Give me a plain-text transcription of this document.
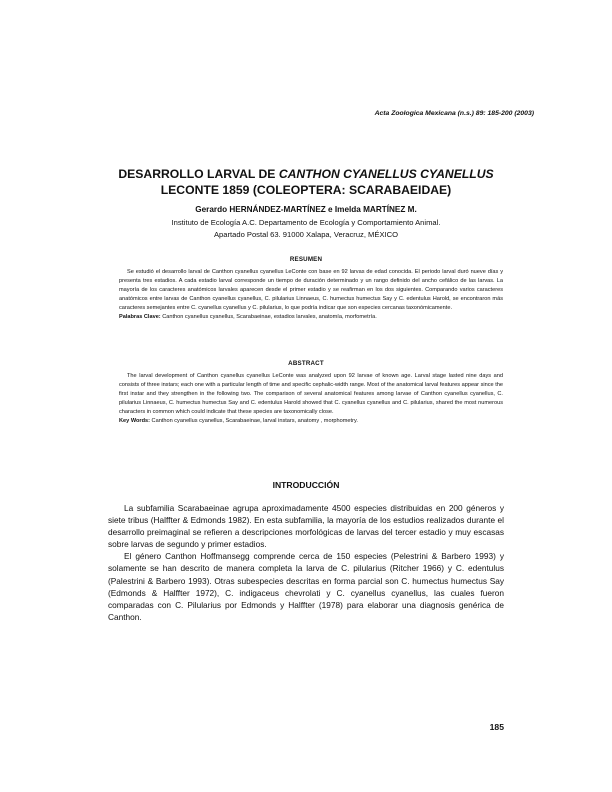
Acta Zoologica Mexicana (n.s.) 89: 185-200 (2003)
DESARROLLO LARVAL DE CANTHON CYANELLUS CYANELLUS
LECONTE 1859 (COLEOPTERA: SCARABAEIDAE)
Gerardo HERNÁNDEZ-MARTÍNEZ e Imelda MARTÍNEZ M.
Instituto de Ecología A.C. Departamento de Ecología y Comportamiento Animal.
Apartado Postal 63. 91000 Xalapa, Veracruz, MÉXICO
RESUMEN

Se estudió el desarrollo larval de Canthon cyanellus cyanellus LeConte con base en 92 larvas de edad conocida. El periodo larval duró nueve días y presenta tres estadios. A cada estadio larval corresponde un tiempo de duración determinado y un rango definido del ancho cefálico de las larvas. La mayoría de los caracteres anatómicos larvales aparecen desde el primer estadio y se reafirman en los dos siguientes. Comparando varios caracteres anatómicos entre larvas de Canthon cyanellus cyanellus, C. pilularius Linnaeus, C. humectus humectus Say y C. edentulus Harold, se encontraron más caracteres semejantes entre C. cyanellus cyanellus y C. pilularius, lo que podría indicar que son especies cercanas taxonómicamente.

Palabras Clave: Canthon cyanellus cyanellus, Scarabaeinae, estadios larvales, anatomía, morfometría.

ABSTRACT

The larval development of Canthon cyanellus cyanellus LeConte was analyzed upon 92 larvae of known age. Larval stage lasted nine days and consists of three instars; each one with a particular length of time and specific cephalic-width range. Most of the anatomical larval features appear since the first instar and they strengthen in the following two. The comparison of several anatomical features among larvae of Canthon cyanellus cyanellus, C. pilularius Linnaeus, C. humectus humectus Say and C. edentulus Harold showed that C. cyanellus cyanellus and C. pilularius, shared the most numerous characters in common which could indicate that these species are taxonomically close.

Key Words: Canthon cyanellus cyanellus, Scarabaeinae, larval instars, anatomy , morphometry.

INTRODUCCIÓN

La subfamilia Scarabaeinae agrupa aproximadamente 4500 especies distribuidas en 200 géneros y siete tribus (Halffter & Edmonds 1982). En esta subfamilia, la mayoría de los estudios realizados durante el desarrollo preimaginal se refieren a descripciones morfológicas de larvas del tercer estadio y muy escasas sobre larvas de segundo y primer estadios.

El género Canthon Hoffmansegg comprende cerca de 150 especies (Pelestrini & Barbero 1993) y solamente se han descrito de manera completa la larva de C. pilularius (Ritcher 1966) y C. edentulus (Palestrini & Barbero 1993). Otras subespecies descritas en forma parcial son C. humectus humectus Say (Edmonds & Halffter 1972), C. indigaceus chevrolati y C. cyanellus cyanellus, las cuales fueron comparadas con C. Pilularius por Edmonds y Halffter (1978) para elaborar una diagnosis genérica de Canthon.

185
